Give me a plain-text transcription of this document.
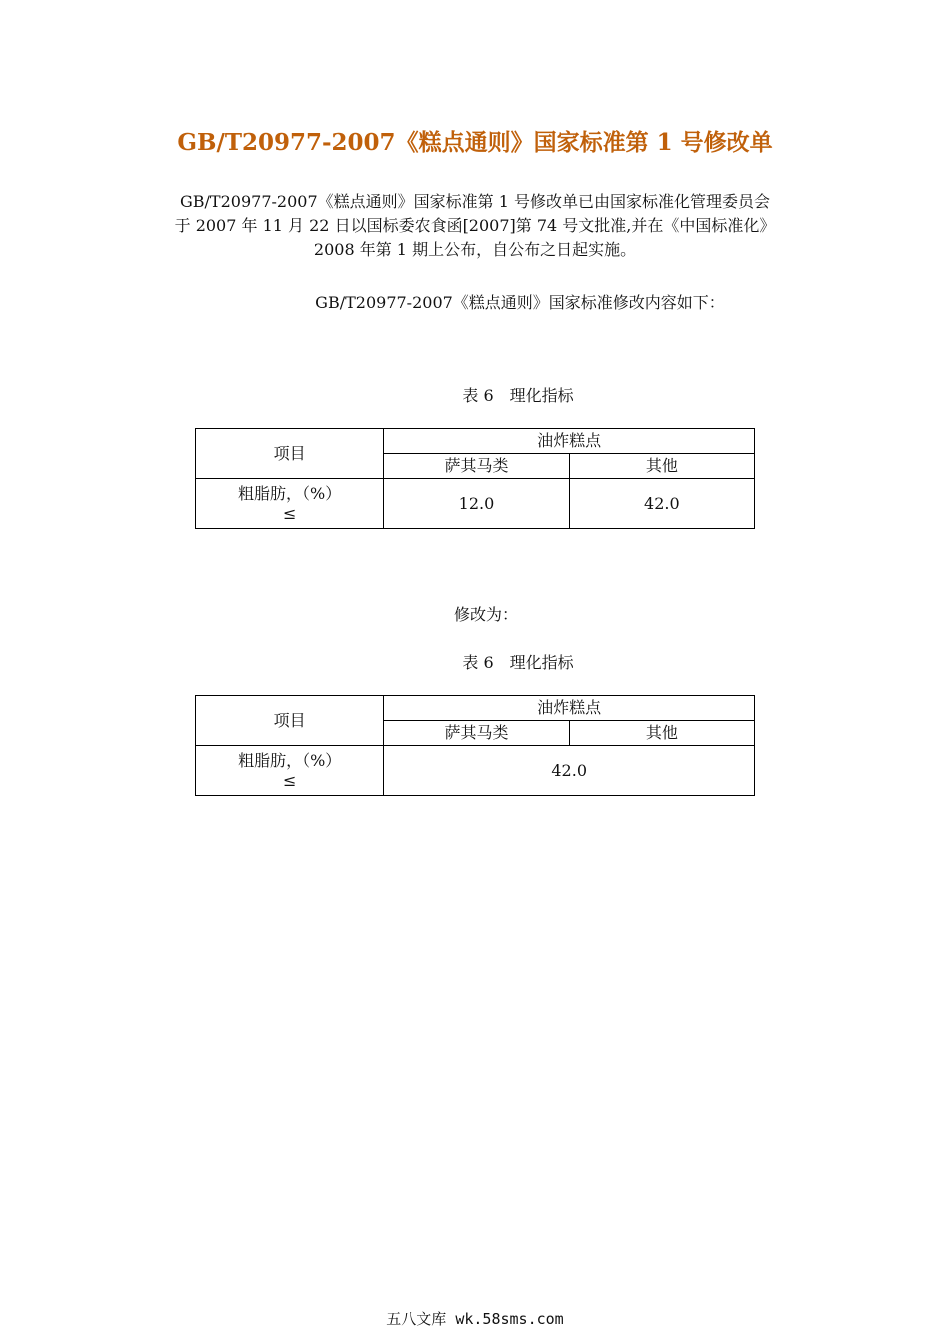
GB/T20977-2007《糕点通则》国家标准第 1 号修改单
GB/T20977-2007《糕点通则》国家标准第 1 号修改单已由国家标准化管理委员会
于 2007 年 11 月 22 日以国标委农食函[2007]第 74 号文批准,并在《中国标准化》
2008 年第 1 期上公布，自公布之日起实施。
GB/T20977-2007《糕点通则》国家标准修改内容如下：
表 6　理化指标
项目	油炸糕点	
	萨其马类	其他

粗脂肪，（%）
≤	12.0	42.0
修改为：
表 6　理化指标
项目	油炸糕点	
	萨其马类	其他

粗脂肪，（%）
≤	42.0	
五八文库 wk.58sms.com
